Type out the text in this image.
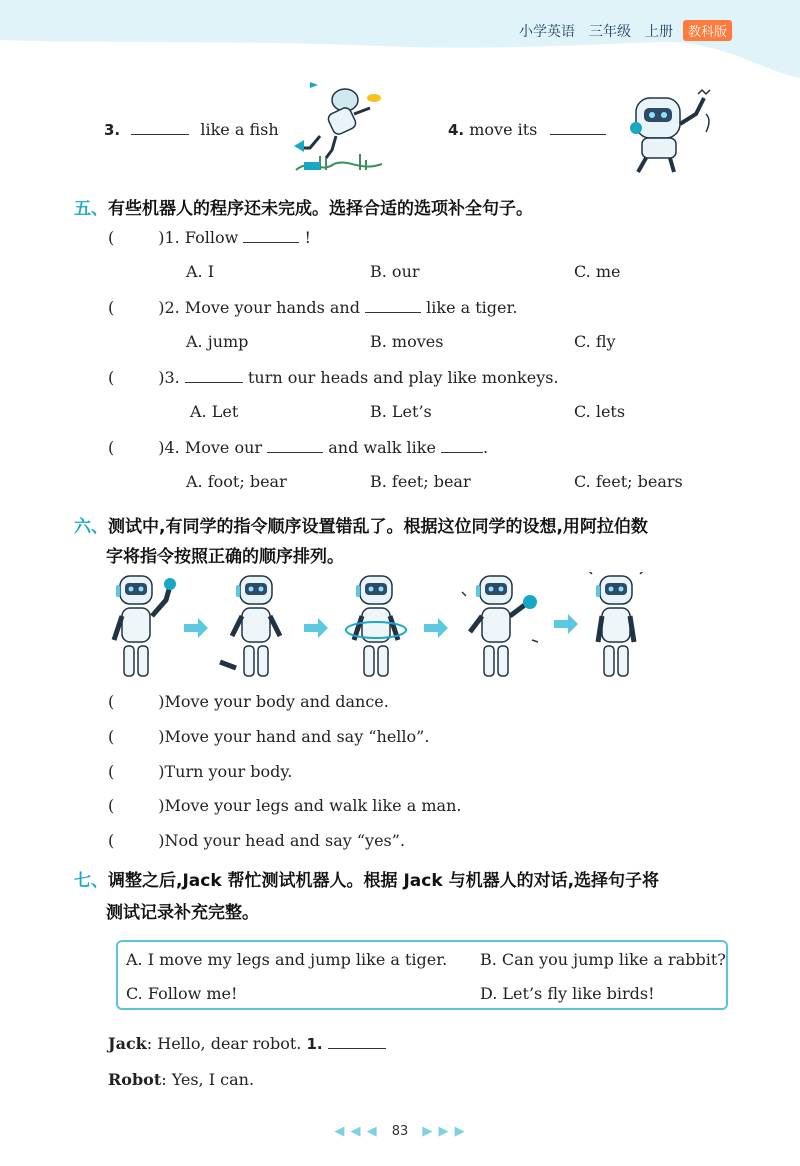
小学英语 三年级 上册	教科版
3.	like a fish	4. move its
五、有些机器人的程序还未完成。选择合适的选项补全句子。
(	)1. Follow	!
A. I	B. our	C. me
(	)2. Move your hands and	like a tiger.
A. jump	B. moves	C. fly
(	)3.	turn our heads and play like monkeys.
A. Let	B. Let’s	C. lets
(	)4. Move our	and walk like	.
A. foot; bear	B. feet; bear	C. feet; bears
六、测试中,有同学的指令顺序设置错乱了。根据这位同学的设想,用阿拉伯数
字将指令按照正确的顺序排列。
(	)Move your body and dance.
(	)Move your hand and say “hello”.
(	)Turn your body.
(	)Move your legs and walk like a man.
(	)Nod your head and say “yes”.
七、调整之后,Jack 帮忙测试机器人。根据 Jack 与机器人的对话,选择句子将
测试记录补充完整。
A. I move my legs and jump like a tiger. B. Can you jump like a rabbit?
C. Follow me!	D. Let’s fly like birds!
Jack: Hello, dear robot. 1.
Robot: Yes, I can.
◀ ◀ ◀ 83 ▶ ▶ ▶
